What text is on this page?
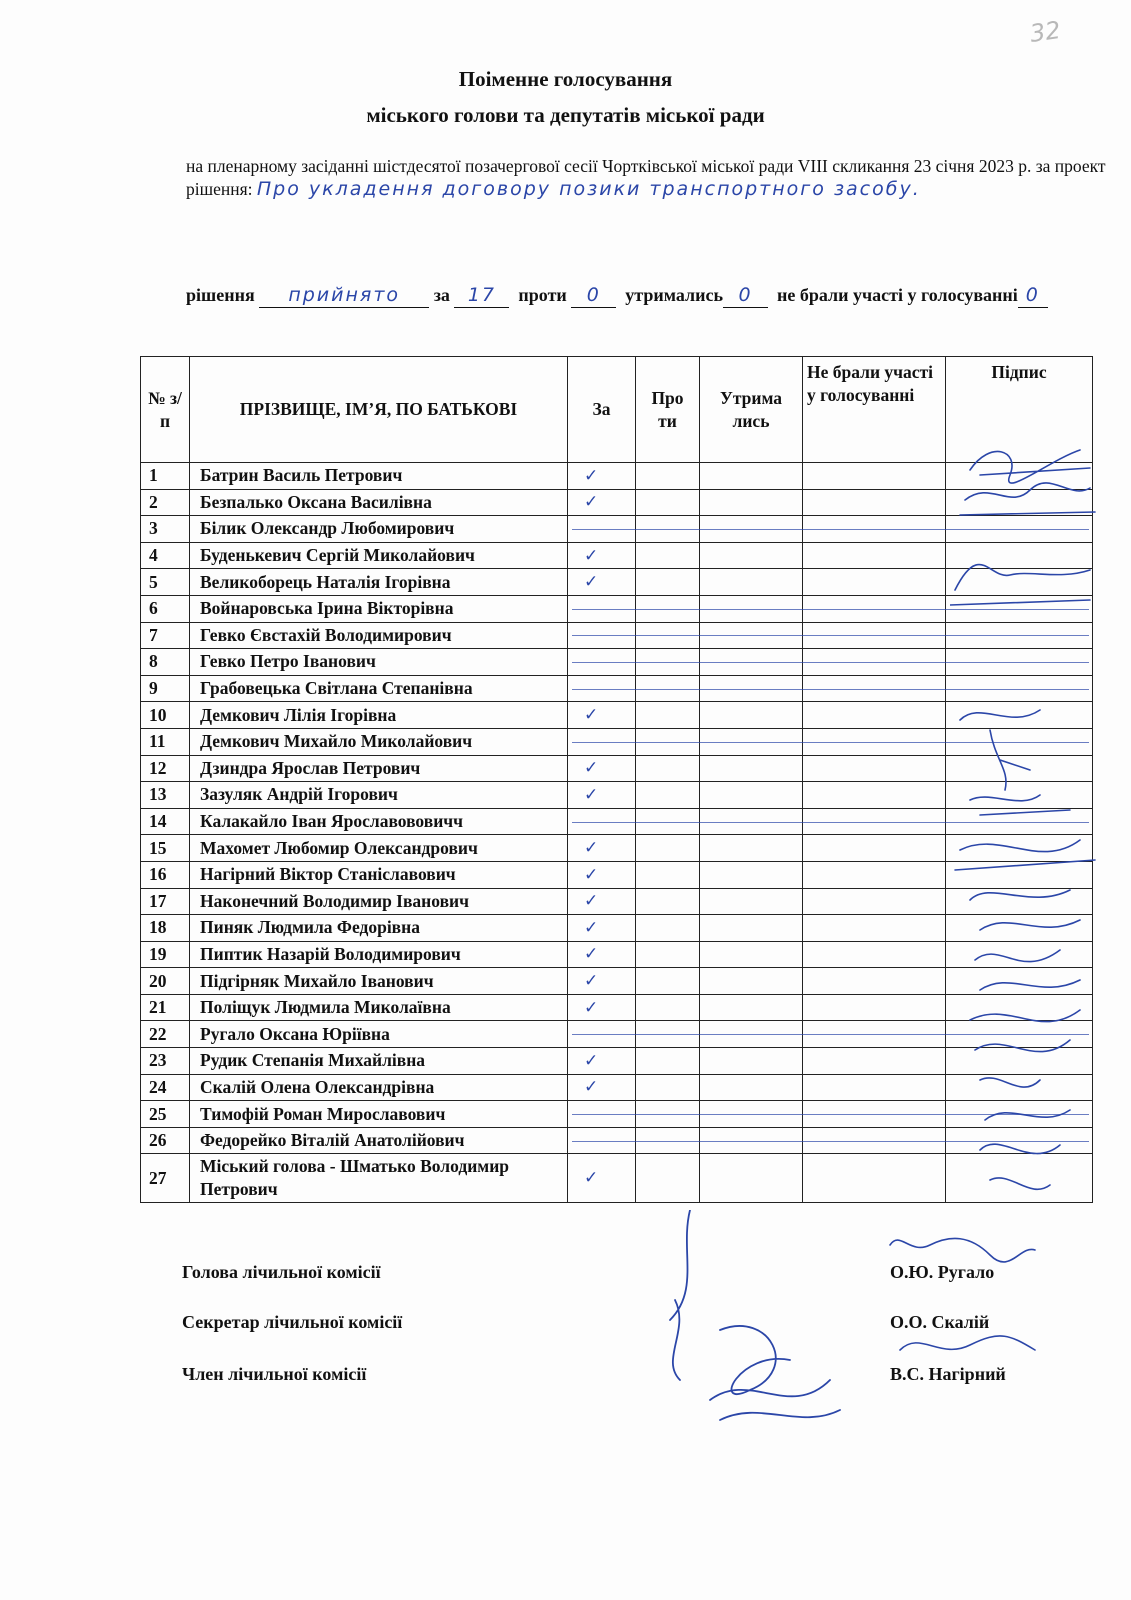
32
Поіменне голосування
міського голови та депутатів міської ради
на пленарному засіданні шістдесятої позачергової сесії Чортківської міської ради VIII скликання 23 січня 2023 р. за проект рішення: Про укладення договору позики транспортного засобу.
рішення прийнято за 17 проти 0 утримались 0 не брали участі у голосуванні 0
№ з/п	ПРІЗВИЩЕ, ІМ’Я, ПО БАТЬКОВІ	За	Про ти	Утрима лись	Не брали участі у голосуванні	Підпис
1	Батрин Василь Петрович	✓				

2	Безпалько Оксана Василівна	✓				

3	Білик Олександр Любомирович					
4	Буденькевич Сергій Миколайович	✓				

5	Великоборець Наталія Ігорівна	✓				

6	Войнаровська Ірина Вікторівна					
7	Гевко Євстахій Володимирович					
8	Гевко Петро Іванович					
9	Грабовецька Світлана Степанівна					
10	Демкович Лілія Ігорівна	✓				

11	Демкович Михайло Миколайович					
12	Дзиндра Ярослав Петрович	✓				

13	Зазуляк Андрій Ігорович	✓				

14	Калакайло Іван Ярославововичч					
15	Махомет Любомир Олександрович	✓				

16	Нагірний Віктор Станіславович	✓				

17	Наконечний Володимир Іванович	✓				

18	Пиняк Людмила Федорівна	✓				

19	Пиптик Назарій Володимирович	✓				

20	Підгірняк Михайло Іванович	✓				

21	Поліщук Людмила Миколаївна	✓				

22	Ругало Оксана Юріївна					
23	Рудик Степанія Михайлівна	✓				

24	Скалій Олена Олександрівна	✓				

25	Тимофій Роман Мирославович					
26	Федорейко Віталій Анатолійович					
27	Міський голова - Шматько Володимир Петрович	✓				

Голова лічильної комісії	О.Ю. Ругало
Секретар лічильної комісії	О.О. Скалій
Член лічильної комісії	В.С. Нагірний
